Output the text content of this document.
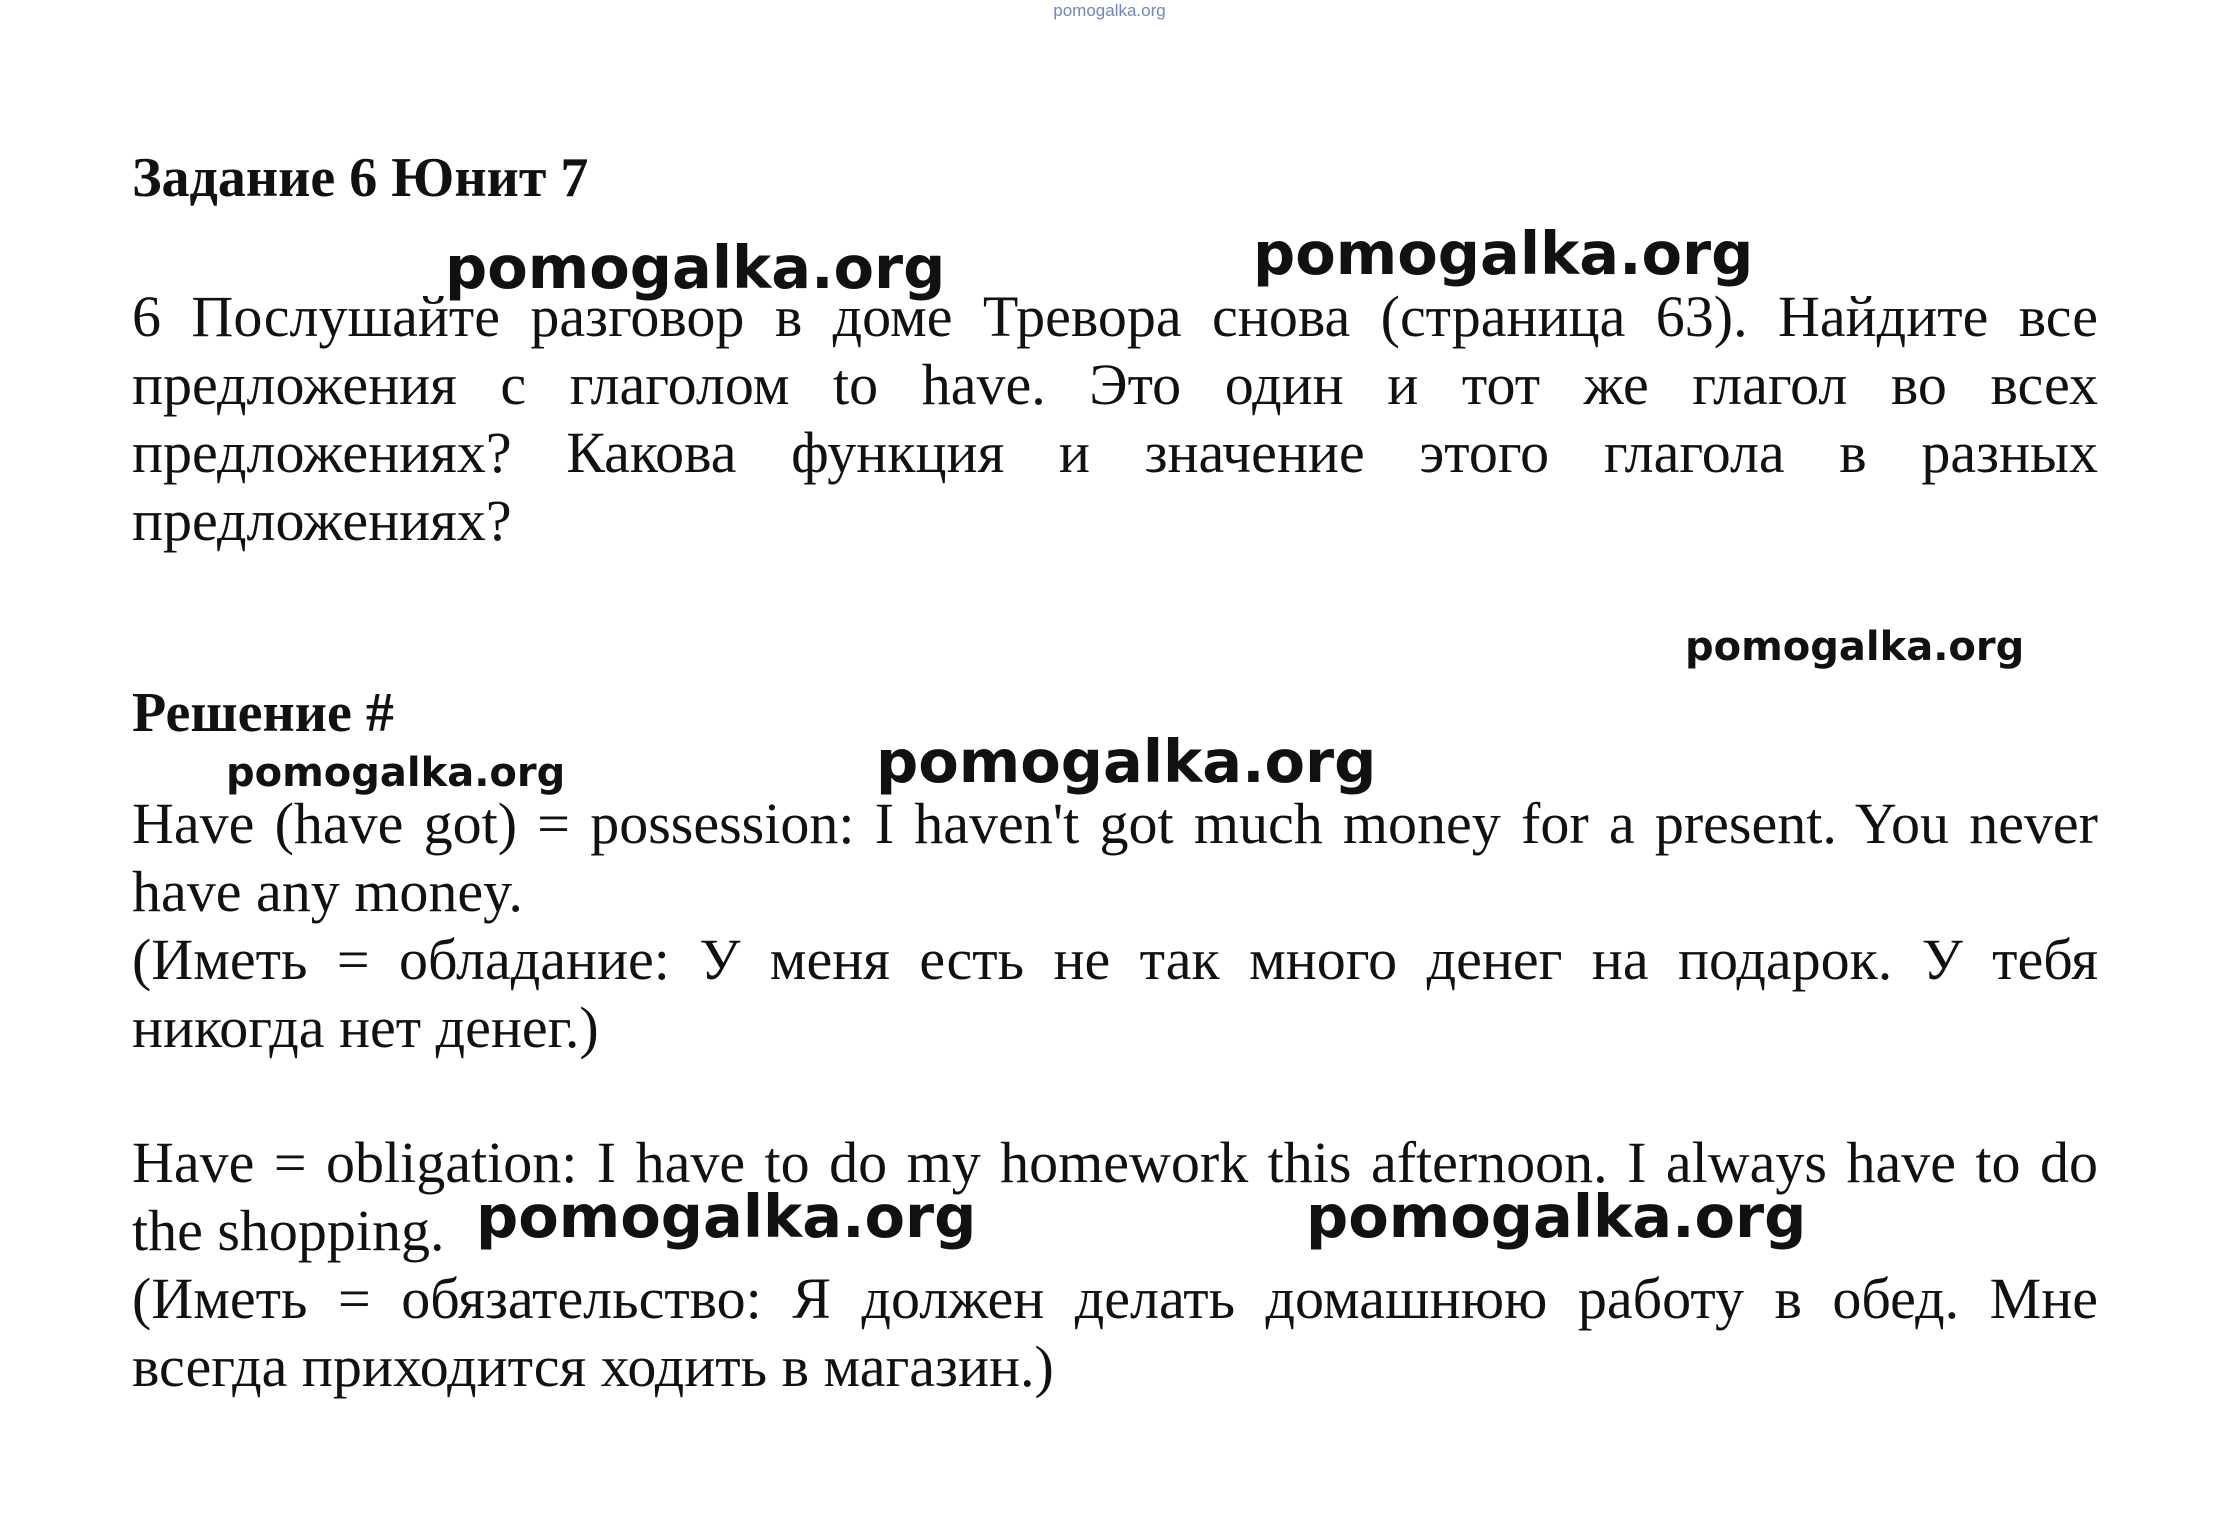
pomogalka.org
Задание 6 Юнит 7

6 Послушайте разговор в доме Тревора снова (страница 63). Найдите все предложения с глаголом to have. Это один и тот же глагол во всех предложениях? Какова функция и значение этого глагола в разных предложениях?

Решение #

Have (have got) = possession: I haven't got much money for a present. You never have any money.

(Иметь = обладание: У меня есть не так много денег на подарок. У тебя никогда нет денег.)

Have = obligation: I have to do my homework this afternoon. I always have to do the shopping.

(Иметь = обязательство: Я должен делать домашнюю работу в обед. Мне всегда приходится ходить в магазин.)

pomogalka.org	pomogalka.org
pomogalka.org
pomogalka.org	pomogalka.org
pomogalka.org	pomogalka.org
